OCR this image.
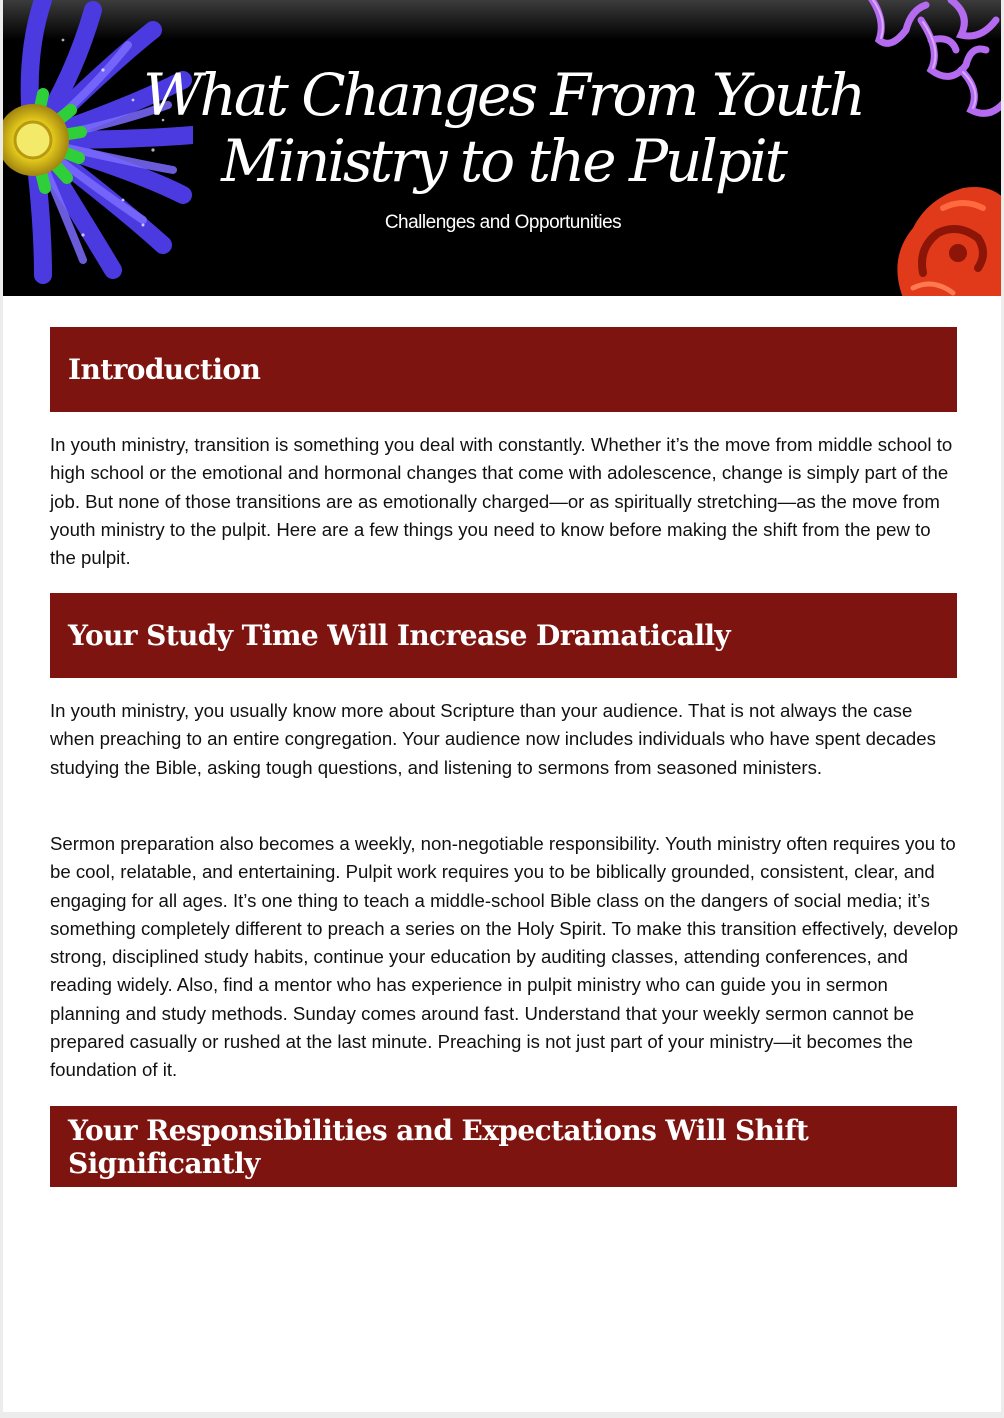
What Changes From Youth Ministry to the Pulpit
Challenges and Opportunities
Introduction

In youth ministry, transition is something you deal with constantly. Whether it’s the move from middle school to high school or the emotional and hormonal changes that come with adolescence, change is simply part of the job. But none of those transitions are as emotionally charged—or as spiritually stretching—as the move from youth ministry to the pulpit. Here are a few things you need to know before making the shift from the pew to the pulpit.

Your Study Time Will Increase Dramatically

In youth ministry, you usually know more about Scripture than your audience. That is not always the case when preaching to an entire congregation. Your audience now includes individuals who have spent decades studying the Bible, asking tough questions, and listening to sermons from seasoned ministers.

Sermon preparation also becomes a weekly, non-negotiable responsibility. Youth ministry often requires you to be cool, relatable, and entertaining. Pulpit work requires you to be biblically grounded, consistent, clear, and engaging for all ages. It’s one thing to teach a middle-school Bible class on the dangers of social media; it’s something completely different to preach a series on the Holy Spirit. To make this transition effectively, develop strong, disciplined study habits, continue your education by auditing classes, attending conferences, and reading widely. Also, find a mentor who has experience in pulpit ministry who can guide you in sermon planning and study methods. Sunday comes around fast. Understand that your weekly sermon cannot be prepared casually or rushed at the last minute. Preaching is not just part of your ministry—it becomes the foundation of it.

Your Responsibilities and Expectations Will Shift Significantly
